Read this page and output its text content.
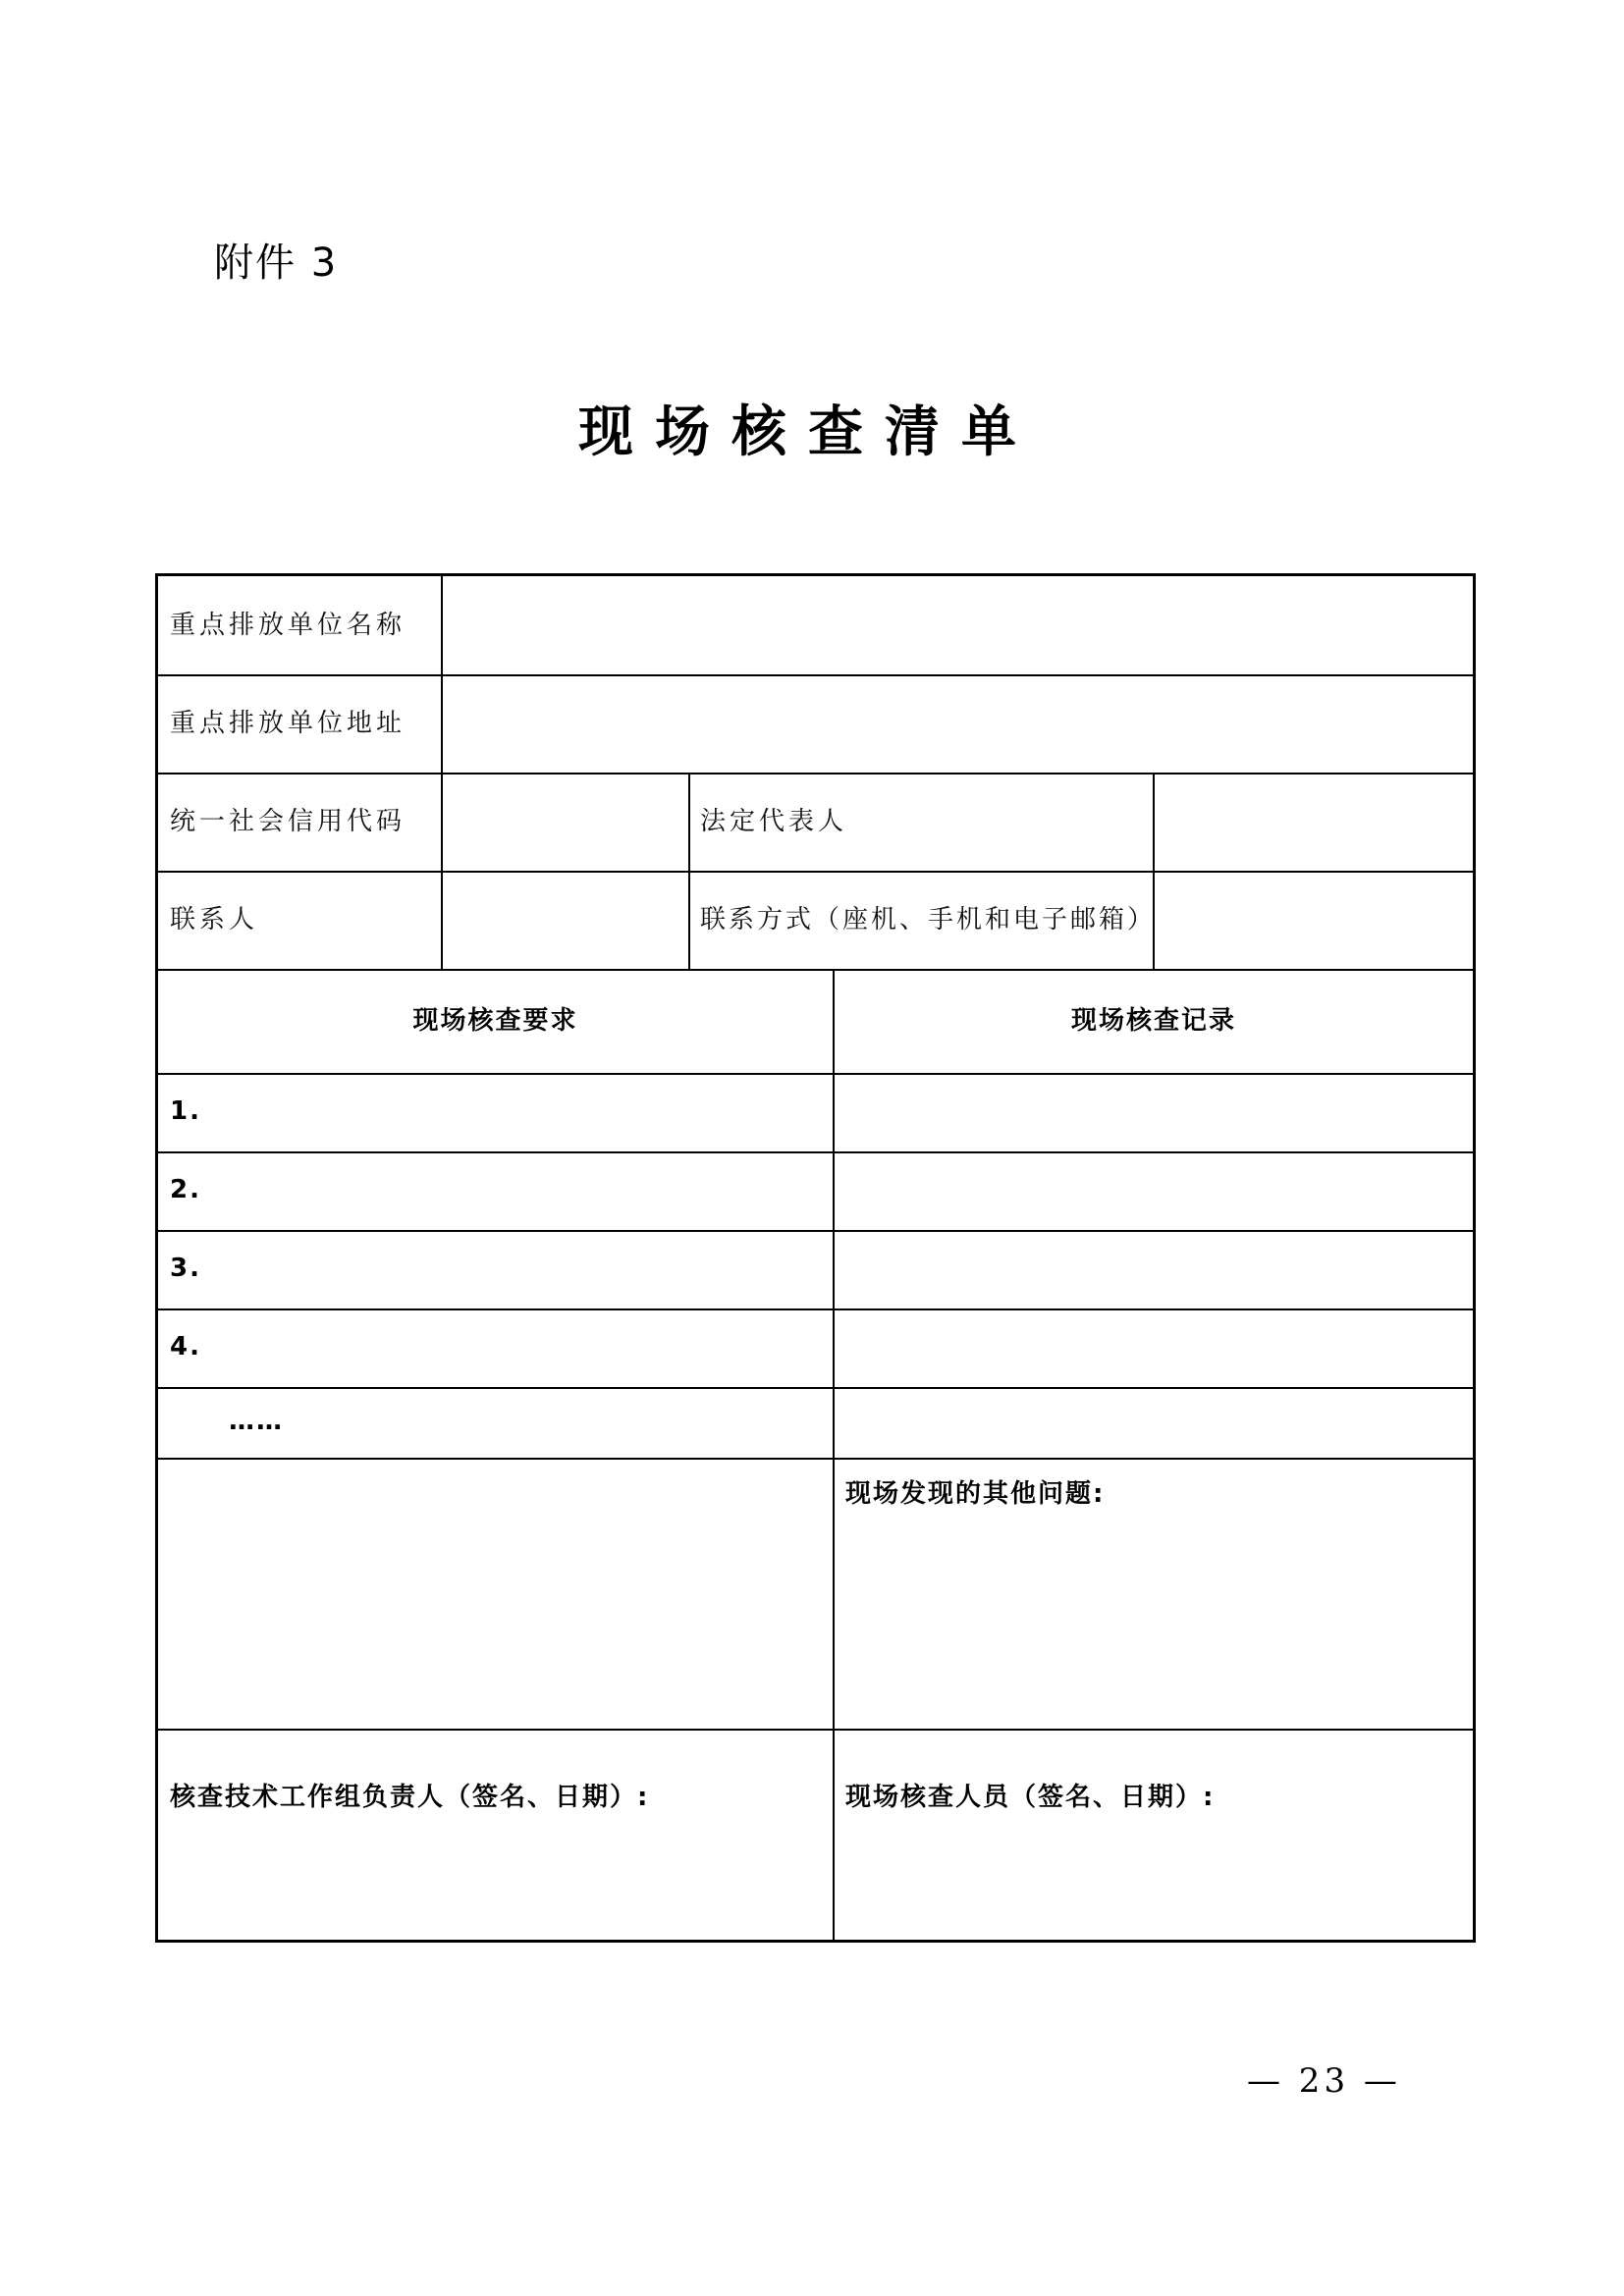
附件 3
现场核查清单
重点排放单位名称
重点排放单位地址
统一社会信用代码	法定代表人
联系人	联系方式（座机、手机和电子邮箱）
现场核查要求	现场核查记录
1.
2.
3.
4.
……
现场发现的其他问题:
核查技术工作组负责人（签名、日期）:	现场核查人员（签名、日期）:
— 23 —
